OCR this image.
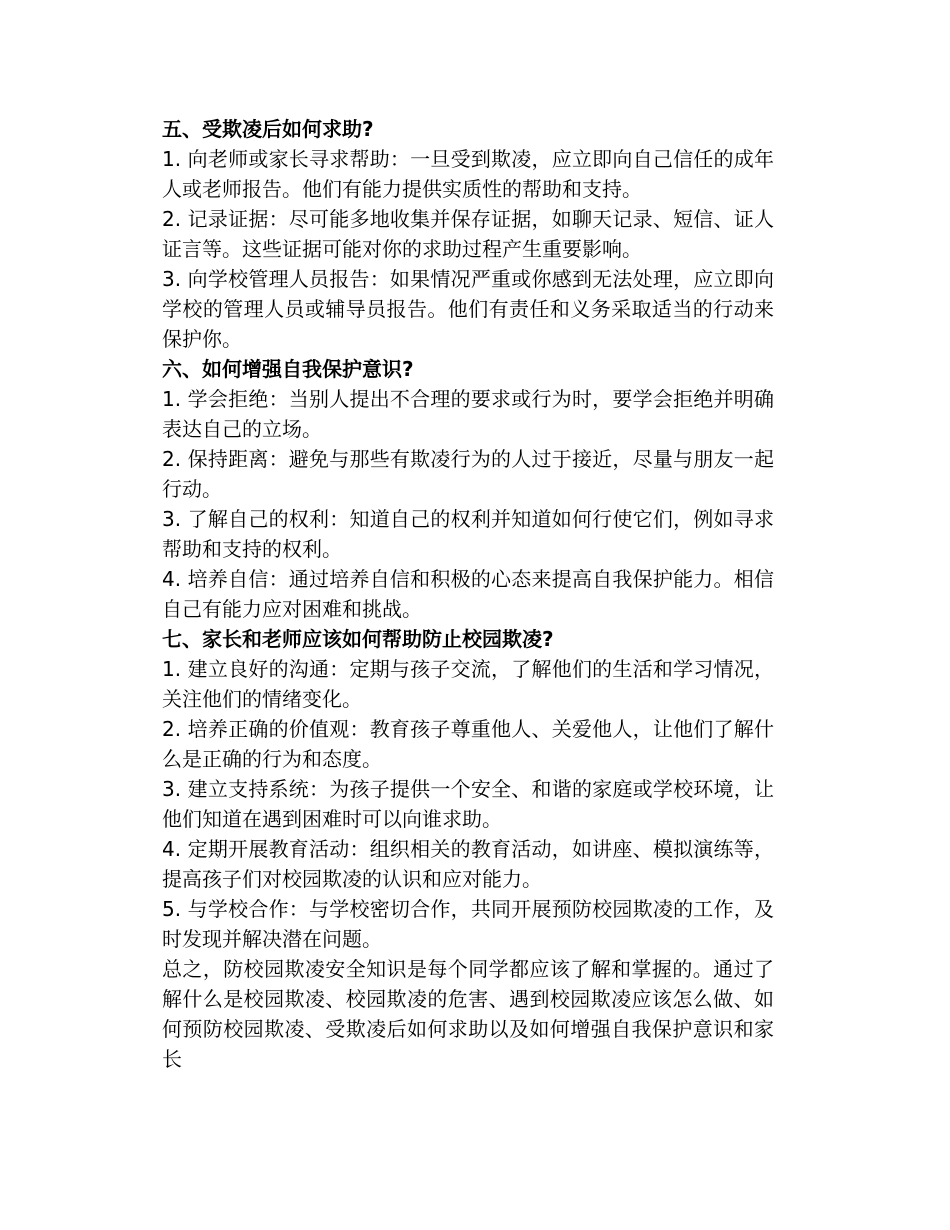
五、受欺凌后如何求助?

1. 向老师或家长寻求帮助：一旦受到欺凌，应立即向自己信任的成年人或老师报告。他们有能力提供实质性的帮助和支持。

2. 记录证据：尽可能多地收集并保存证据，如聊天记录、短信、证人证言等。这些证据可能对你的求助过程产生重要影响。

3. 向学校管理人员报告：如果情况严重或你感到无法处理，应立即向学校的管理人员或辅导员报告。他们有责任和义务采取适当的行动来保护你。

六、如何增强自我保护意识?

1. 学会拒绝：当别人提出不合理的要求或行为时，要学会拒绝并明确表达自己的立场。

2. 保持距离：避免与那些有欺凌行为的人过于接近，尽量与朋友一起行动。

3. 了解自己的权利：知道自己的权利并知道如何行使它们，例如寻求帮助和支持的权利。

4. 培养自信：通过培养自信和积极的心态来提高自我保护能力。相信自己有能力应对困难和挑战。

七、家长和老师应该如何帮助防止校园欺凌?

1. 建立良好的沟通：定期与孩子交流，了解他们的生活和学习情况，关注他们的情绪变化。

2. 培养正确的价值观：教育孩子尊重他人、关爱他人，让他们了解什么是正确的行为和态度。

3. 建立支持系统：为孩子提供一个安全、和谐的家庭或学校环境，让他们知道在遇到困难时可以向谁求助。

4. 定期开展教育活动：组织相关的教育活动，如讲座、模拟演练等，提高孩子们对校园欺凌的认识和应对能力。

5. 与学校合作：与学校密切合作，共同开展预防校园欺凌的工作，及时发现并解决潜在问题。

总之，防校园欺凌安全知识是每个同学都应该了解和掌握的。通过了解什么是校园欺凌、校园欺凌的危害、遇到校园欺凌应该怎么做、如何预防校园欺凌、受欺凌后如何求助以及如何增强自我保护意识和家长
